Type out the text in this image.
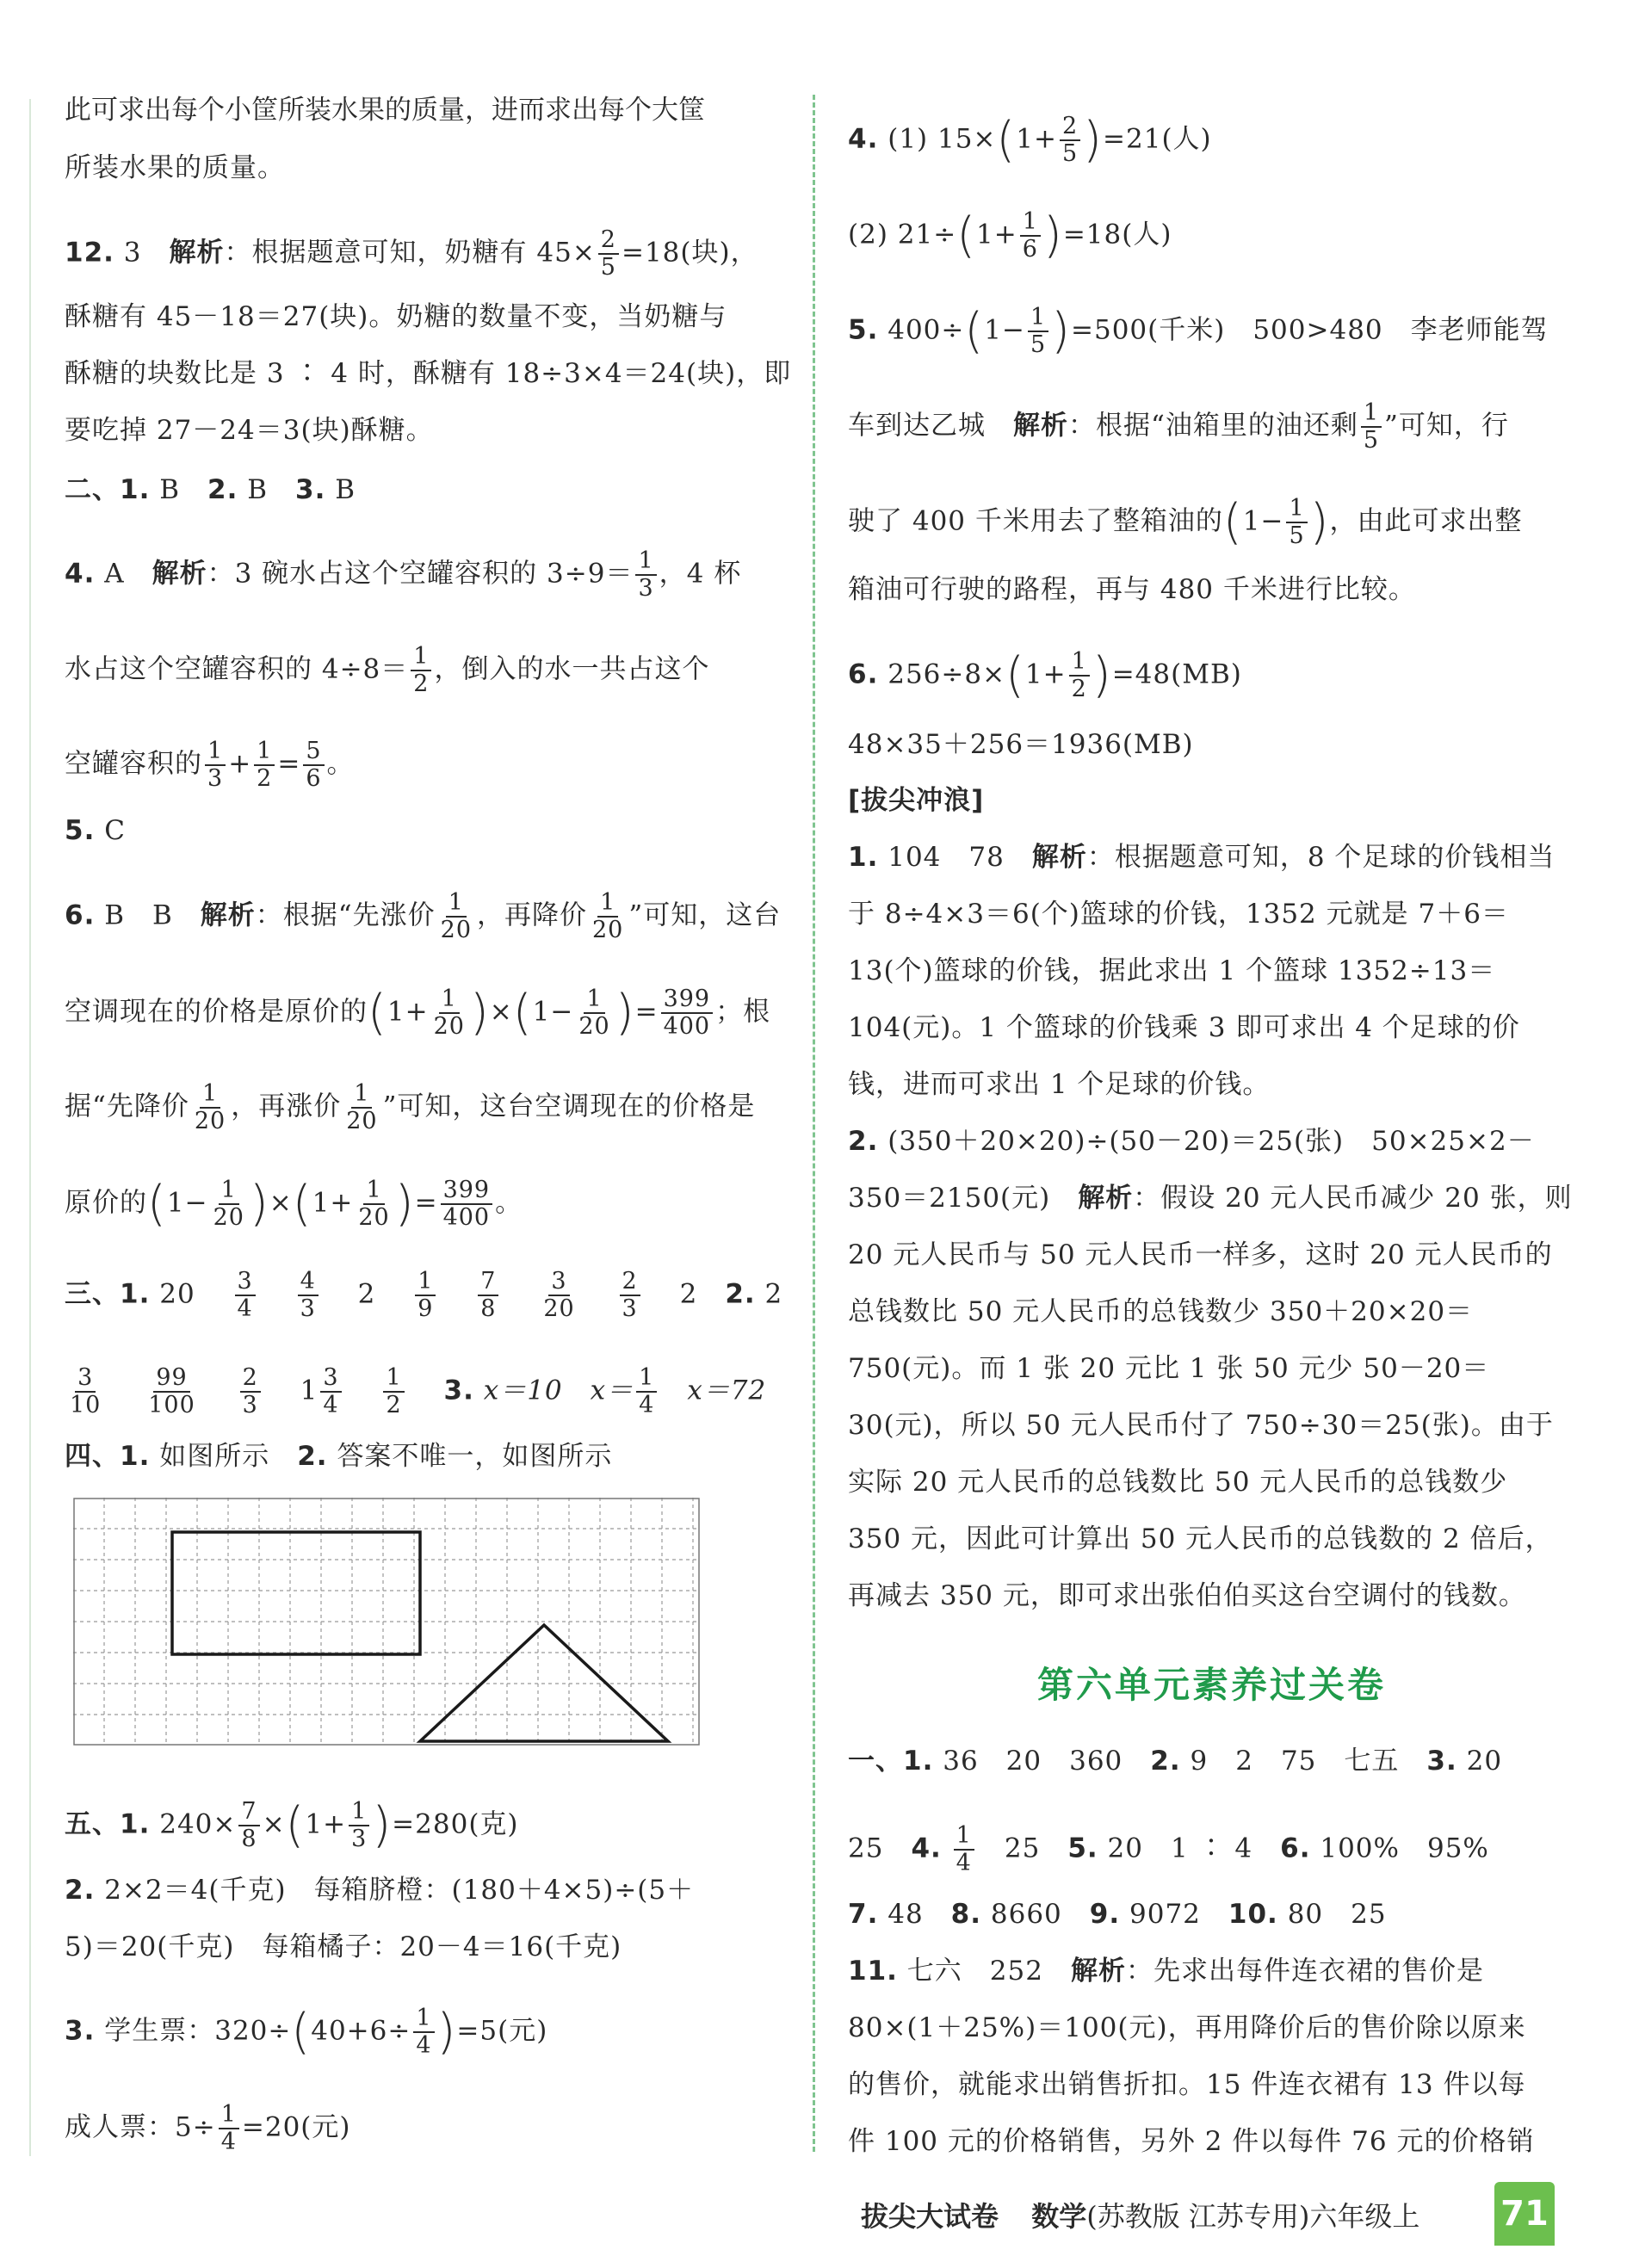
此可求出每个小筐所装水果的质量，进而求出每个大筐
所装水果的质量。
12. 3　 解析：根据题意可知，奶糖有 $45\times \frac{2}{5} =18$(块)，
酥糖有 45－18＝27(块)。奶糖的数量不变，当奶糖与
酥糖的块数比是 3 ∶ 4 时，酥糖有 18÷3×4＝24(块)，即
要吃掉 27－24＝3(块)酥糖。
二、1. B　 2. B　 3. B
4. A　 解析：3 碗水占这个空罐容积的 $3\div 9= \frac{1}{3}$ ，4 杯
水占这个空罐容积的 $4\div 8= \frac{1}{2}$ ，倒入的水一共占这个
空罐容积的 $\frac{1}{3} + \frac{1}{2} = \frac{5}{6}$ 。
5. C
6. B　B　 解析：根据“先涨价 $\frac{1}{20}$ ，再降价 $\frac{1}{20}$ ”可知，这台
空调现在的价格是原价的$(1+ \frac{1}{20} )\times(1- \frac{1}{20}$ )= $\frac{399}{400}$ ；根
据“先降价 $\frac{1}{20}$ ，再涨价 $\frac{1}{20}$ ”可知，这台空调现在的价格是
原价的$(1- \frac{1}{20} )\times(1+ \frac{1}{20}$ )= $\frac{399}{400}$ 。
三、1. 20　 $\frac{3}{4}$
　 $\frac{4}{3}$
　 2　 $\frac{1}{9}$
　 $\frac{7}{8}$
　 $\frac{3}{20}$
　 $\frac{2}{3}$
　 2　 2. 2
$\frac{3}{10}$
　 $\frac{99}{100}$
　 $\frac{2}{3}$
　 $1 \frac{3}{4}$
　 $\frac{1}{2}$
　 3. x＝10　 $x= \frac{1}{4}$
　 x＝72
四、1. 如图所示　 2. 答案不唯一，如图所示
五、1. $240\times \frac{7}{8} \times(1+ \frac{1}{3} )=280$(克)
2. 2×2＝4(千克)　每箱脐橙：(180＋4×5)÷(5＋
5)＝20(千克)　每箱橘子：20－4＝16(千克)
3. 学生票：$320\div(40+6\div \frac{1}{4} )=5$(元)
成人票：$5\div \frac{1}{4} =20$(元)
4. (1) $15\times(1+ \frac{2}{5} )=21$(人)
(2) $21\div(1+ \frac{1}{6} )=18$(人)
5. $400\div(1- \frac{1}{5} )=500$(千米)　500>480　李老师能驾
车到达乙城　 解析：根据“油箱里的油还剩 $\frac{1}{5}$ ”可知，行
驶了 400 千米用去了整箱油的($1- \frac{1}{5}$ )，由此可求出整
箱油可行驶的路程，再与 480 千米进行比较。
6. $256\div 8\times(1+ \frac{1}{2} )=48(MB)$
48×35＋256＝1936(MB)
[拔尖冲浪]
1. 104　78　 解析：根据题意可知，8 个足球的价钱相当
于 8÷4×3＝6(个)篮球的价钱，1352 元就是 7＋6＝
13(个)篮球的价钱，据此求出 1 个篮球 1352÷13＝
104(元)。1 个篮球的价钱乘 3 即可求出 4 个足球的价
钱，进而可求出 1 个足球的价钱。
2. (350＋20×20)÷(50－20)＝25(张)　50×25×2－
350＝2150(元)　 解析：假设 20 元人民币减少 20 张，则
20 元人民币与 50 元人民币一样多，这时 20 元人民币的
总钱数比 50 元人民币的总钱数少 350＋20×20＝
750(元)。而 1 张 20 元比 1 张 50 元少 50－20＝
30(元)，所以 50 元人民币付了 750÷30＝25(张)。由于
实际 20 元人民币的总钱数比 50 元人民币的总钱数少
350 元，因此可计算出 50 元人民币的总钱数的 2 倍后，
再减去 350 元，即可求出张伯伯买这台空调付的钱数。
第六单元素养过关卷
一、1. 36　20　360　 2. 9　2　75　七五　 3. 20
25　 4. $\frac{1}{4}$
　 25　 5. 20　1 ∶ 4　 6. 100%　95%
7. 48　 8. 8660　 9. 9072　 10. 80　25
11. 七六　252　 解析：先求出每件连衣裙的售价是
80×(1＋25%)＝100(元)，再用降价后的售价除以原来
的售价，就能求出销售折扣。15 件连衣裙有 13 件以每
件 100 元的价格销售，另外 2 件以每件 76 元的价格销
拔尖大试卷 数学(苏教版 江苏专用)六年级上	71
